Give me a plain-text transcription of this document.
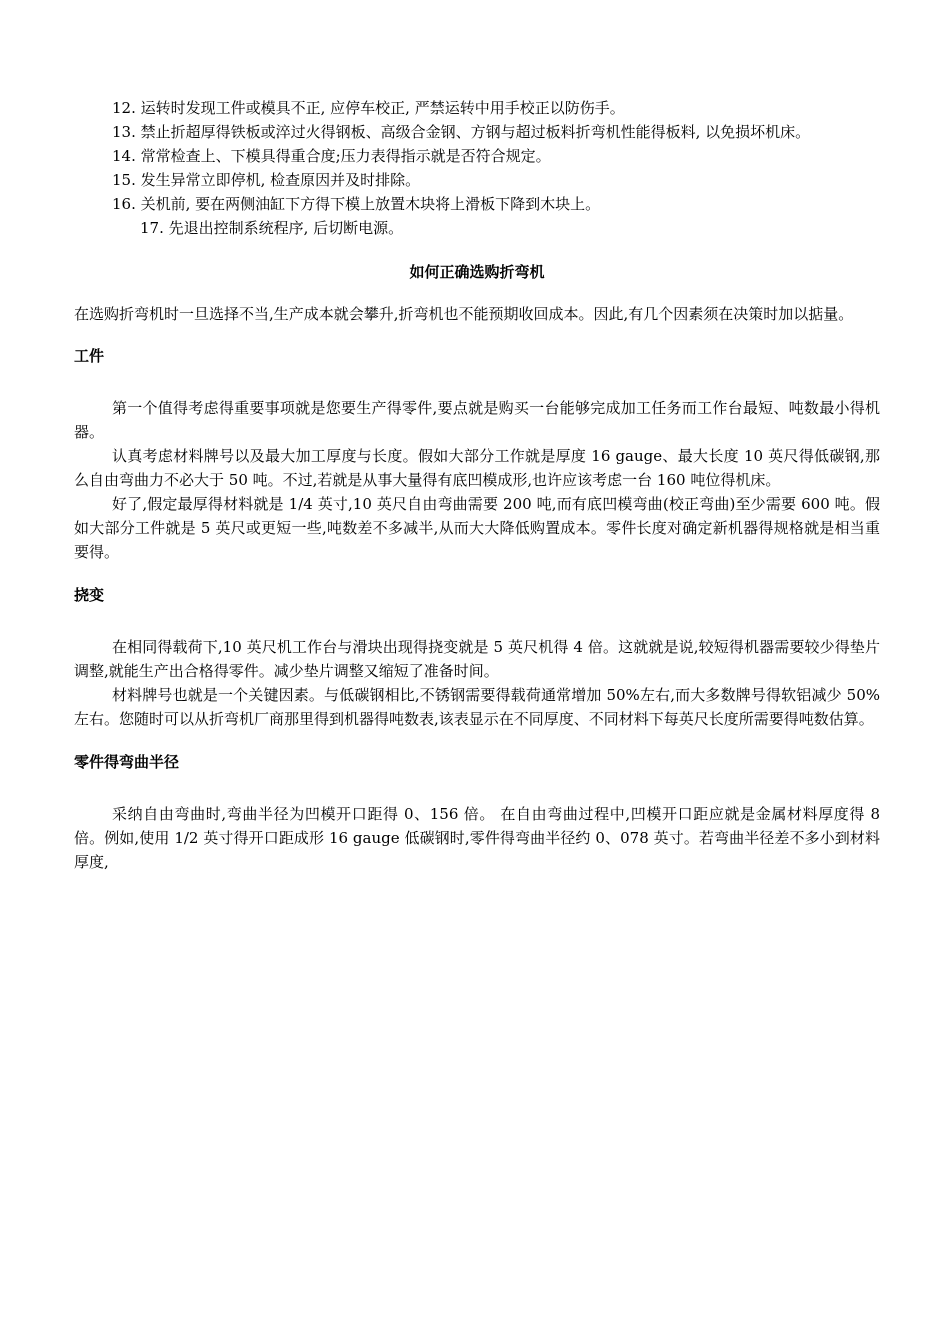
12. 运转时发现工件或模具不正, 应停车校正, 严禁运转中用手校正以防伤手。

13. 禁止折超厚得铁板或淬过火得钢板、高级合金钢、方钢与超过板料折弯机性能得板料, 以免损坏机床。

14. 常常检查上、下模具得重合度;压力表得指示就是否符合规定。

15. 发生异常立即停机, 检查原因并及时排除。

16. 关机前, 要在两侧油缸下方得下模上放置木块将上滑板下降到木块上。

17. 先退出控制系统程序, 后切断电源。

如何正确选购折弯机

在选购折弯机时一旦选择不当,生产成本就会攀升,折弯机也不能预期收回成本。因此,有几个因素须在决策时加以掂量。

工件

第一个值得考虑得重要事项就是您要生产得零件,要点就是购买一台能够完成加工任务而工作台最短、吨数最小得机器。

认真考虑材料牌号以及最大加工厚度与长度。假如大部分工作就是厚度 16 gauge、最大长度 10 英尺得低碳钢,那么自由弯曲力不必大于 50 吨。不过,若就是从事大量得有底凹模成形,也许应该考虑一台 160 吨位得机床。

好了,假定最厚得材料就是 1/4 英寸,10 英尺自由弯曲需要 200 吨,而有底凹模弯曲(校正弯曲)至少需要 600 吨。假如大部分工件就是 5 英尺或更短一些,吨数差不多减半,从而大大降低购置成本。零件长度对确定新机器得规格就是相当重要得。

挠变

在相同得载荷下,10 英尺机工作台与滑块出现得挠变就是 5 英尺机得 4 倍。这就就是说,较短得机器需要较少得垫片调整,就能生产出合格得零件。减少垫片调整又缩短了准备时间。

材料牌号也就是一个关键因素。与低碳钢相比,不锈钢需要得载荷通常增加 50%左右,而大多数牌号得软铝减少 50%左右。您随时可以从折弯机厂商那里得到机器得吨数表,该表显示在不同厚度、不同材料下每英尺长度所需要得吨数估算。

零件得弯曲半径

采纳自由弯曲时,弯曲半径为凹模开口距得 0、156 倍。 在自由弯曲过程中,凹模开口距应就是金属材料厚度得 8 倍。例如,使用 1/2 英寸得开口距成形 16 gauge 低碳钢时,零件得弯曲半径约 0、078 英寸。若弯曲半径差不多小到材料厚度,
